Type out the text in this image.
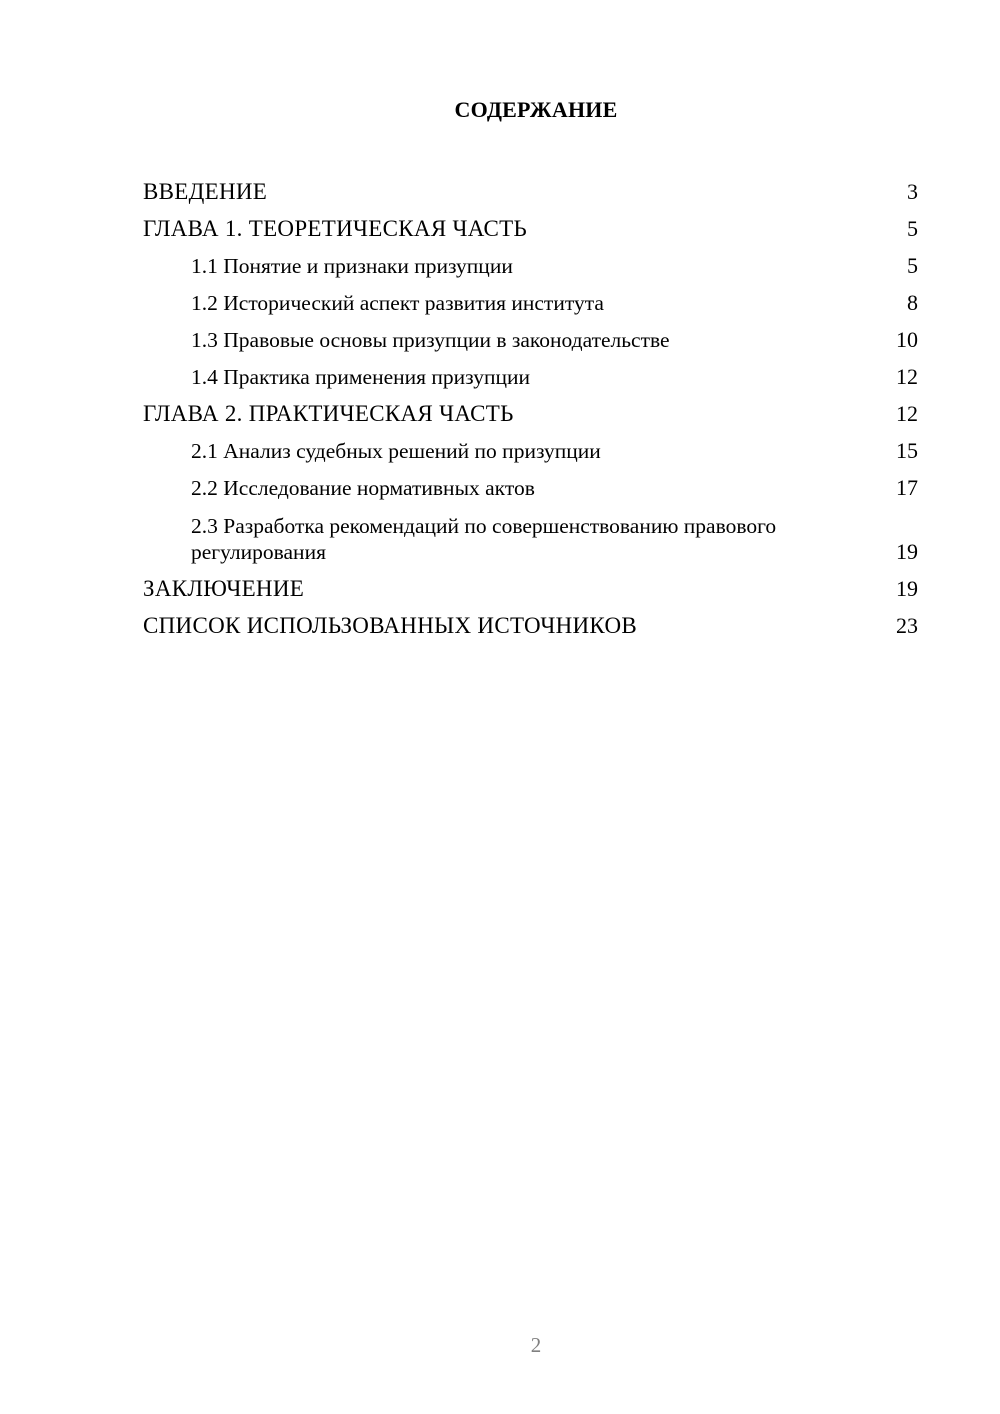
СОДЕРЖАНИЕ
ВВЕДЕНИЕ	3
ГЛАВА 1. ТЕОРЕТИЧЕСКАЯ ЧАСТЬ	5
1.1 Понятие и признаки призупции	5
1.2 Исторический аспект развития института	8
1.3 Правовые основы призупции в законодательстве	10
1.4 Практика применения призупции	12
ГЛАВА 2. ПРАКТИЧЕСКАЯ ЧАСТЬ	12
2.1 Анализ судебных решений по призупции	15
2.2 Исследование нормативных актов	17
2.3 Разработка рекомендаций по совершенствованию правового регулирования	19
ЗАКЛЮЧЕНИЕ	19
СПИСОК ИСПОЛЬЗОВАННЫХ ИСТОЧНИКОВ	23
2
